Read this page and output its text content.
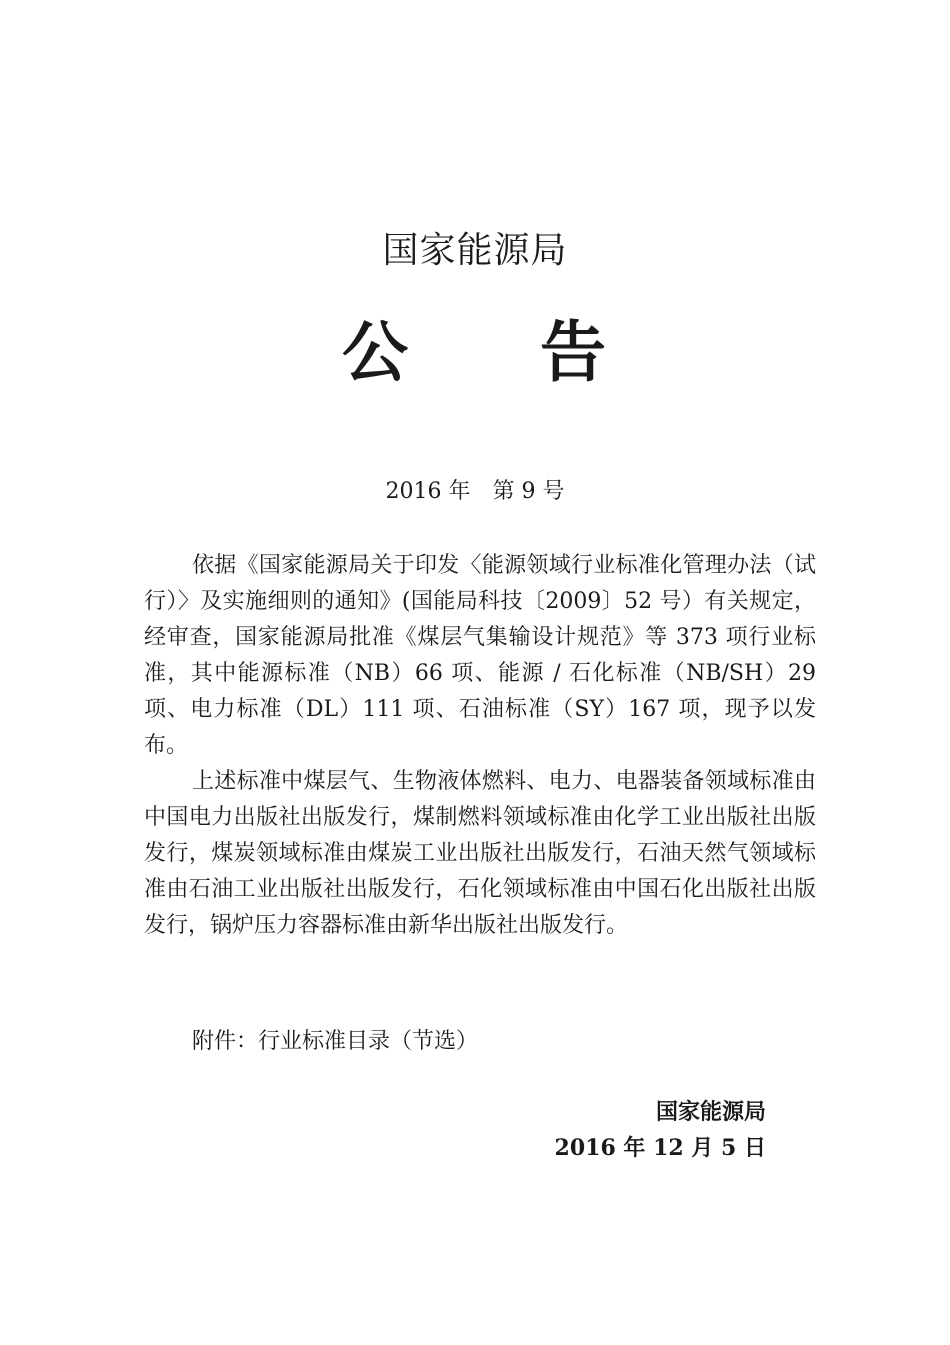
国家能源局
公 告
2016 年 第 9 号

依据《国家能源局关于印发〈能源领域行业标准化管理办法（试行）〉及实施细则的通知》(国能局科技〔2009〕52 号）有关规定，经审查，国家能源局批准《煤层气集输设计规范》等 373 项行业标准，其中能源标准（NB）66 项、能源 / 石化标准（NB/SH）29 项、电力标准（DL）111 项、石油标准（SY）167 项，现予以发布。

上述标准中煤层气、生物液体燃料、电力、电器装备领域标准由中国电力出版社出版发行，煤制燃料领域标准由化学工业出版社出版发行，煤炭领域标准由煤炭工业出版社出版发行，石油天然气领域标准由石油工业出版社出版发行，石化领域标准由中国石化出版社出版发行，锅炉压力容器标准由新华出版社出版发行。

附件：行业标准目录（节选）
国家能源局
2016 年 12 月 5 日
